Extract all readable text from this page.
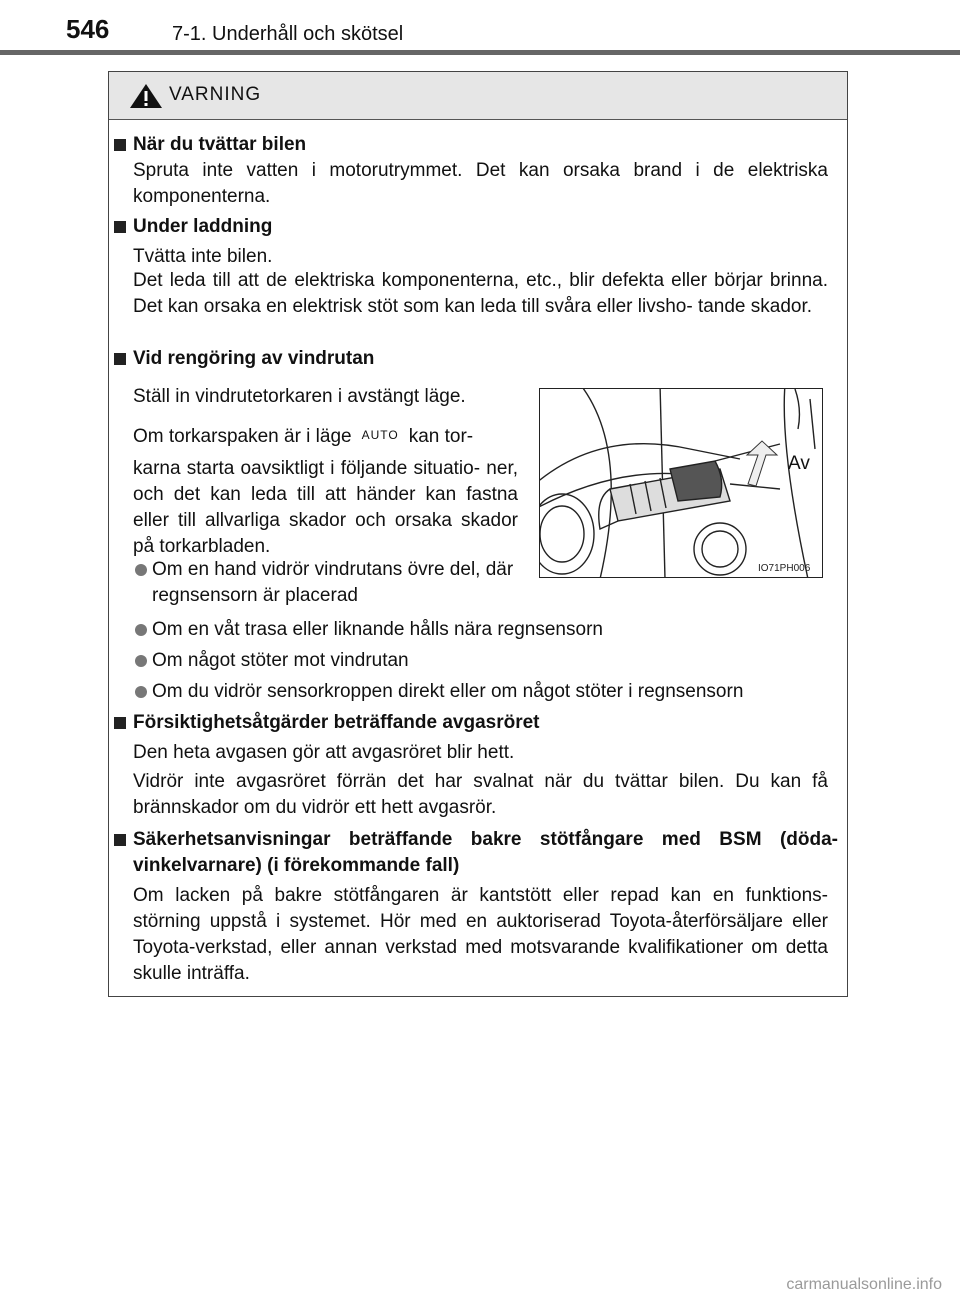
546	7-1. Underhåll och skötsel
VARNING
När du tvättar bilen
Spruta inte vatten i motorutrymmet. Det kan orsaka brand i de elektriska komponenterna.
Under laddning
Tvätta inte bilen.
Det leda till att de elektriska komponenterna, etc., blir defekta eller börjar brinna. Det kan orsaka en elektrisk stöt som kan leda till svåra eller livsho- tande skador.
Vid rengöring av vindrutan
Ställ in vindrutetorkaren i avstängt läge.
Om torkarspaken är i läge AUTO kan tor-
karna starta oavsiktligt i följande situatio- ner, och det kan leda till att händer kan fastna eller till allvarliga skador och orsaka skador på torkarbladen.
Om en hand vidrör vindrutans övre del, där regnsensorn är placerad
Om en våt trasa eller liknande hålls nära regnsensorn
Om något stöter mot vindrutan
Om du vidrör sensorkroppen direkt eller om något stöter i regnsensorn
Av
IO71PH006
Försiktighetsåtgärder beträffande avgasröret
Den heta avgasen gör att avgasröret blir hett.
Vidrör inte avgasröret förrän det har svalnat när du tvättar bilen. Du kan få brännskador om du vidrör ett hett avgasrör.
Säkerhetsanvisningar beträffande bakre stötfångare med BSM (döda- vinkelvarnare) (i förekommande fall)
Om lacken på bakre stötfångaren är kantstött eller repad kan en funktions- störning uppstå i systemet. Hör med en auktoriserad Toyota-återförsäljare eller Toyota-verkstad, eller annan verkstad med motsvarande kvalifikationer om detta skulle inträffa.
carmanualsonline.info
